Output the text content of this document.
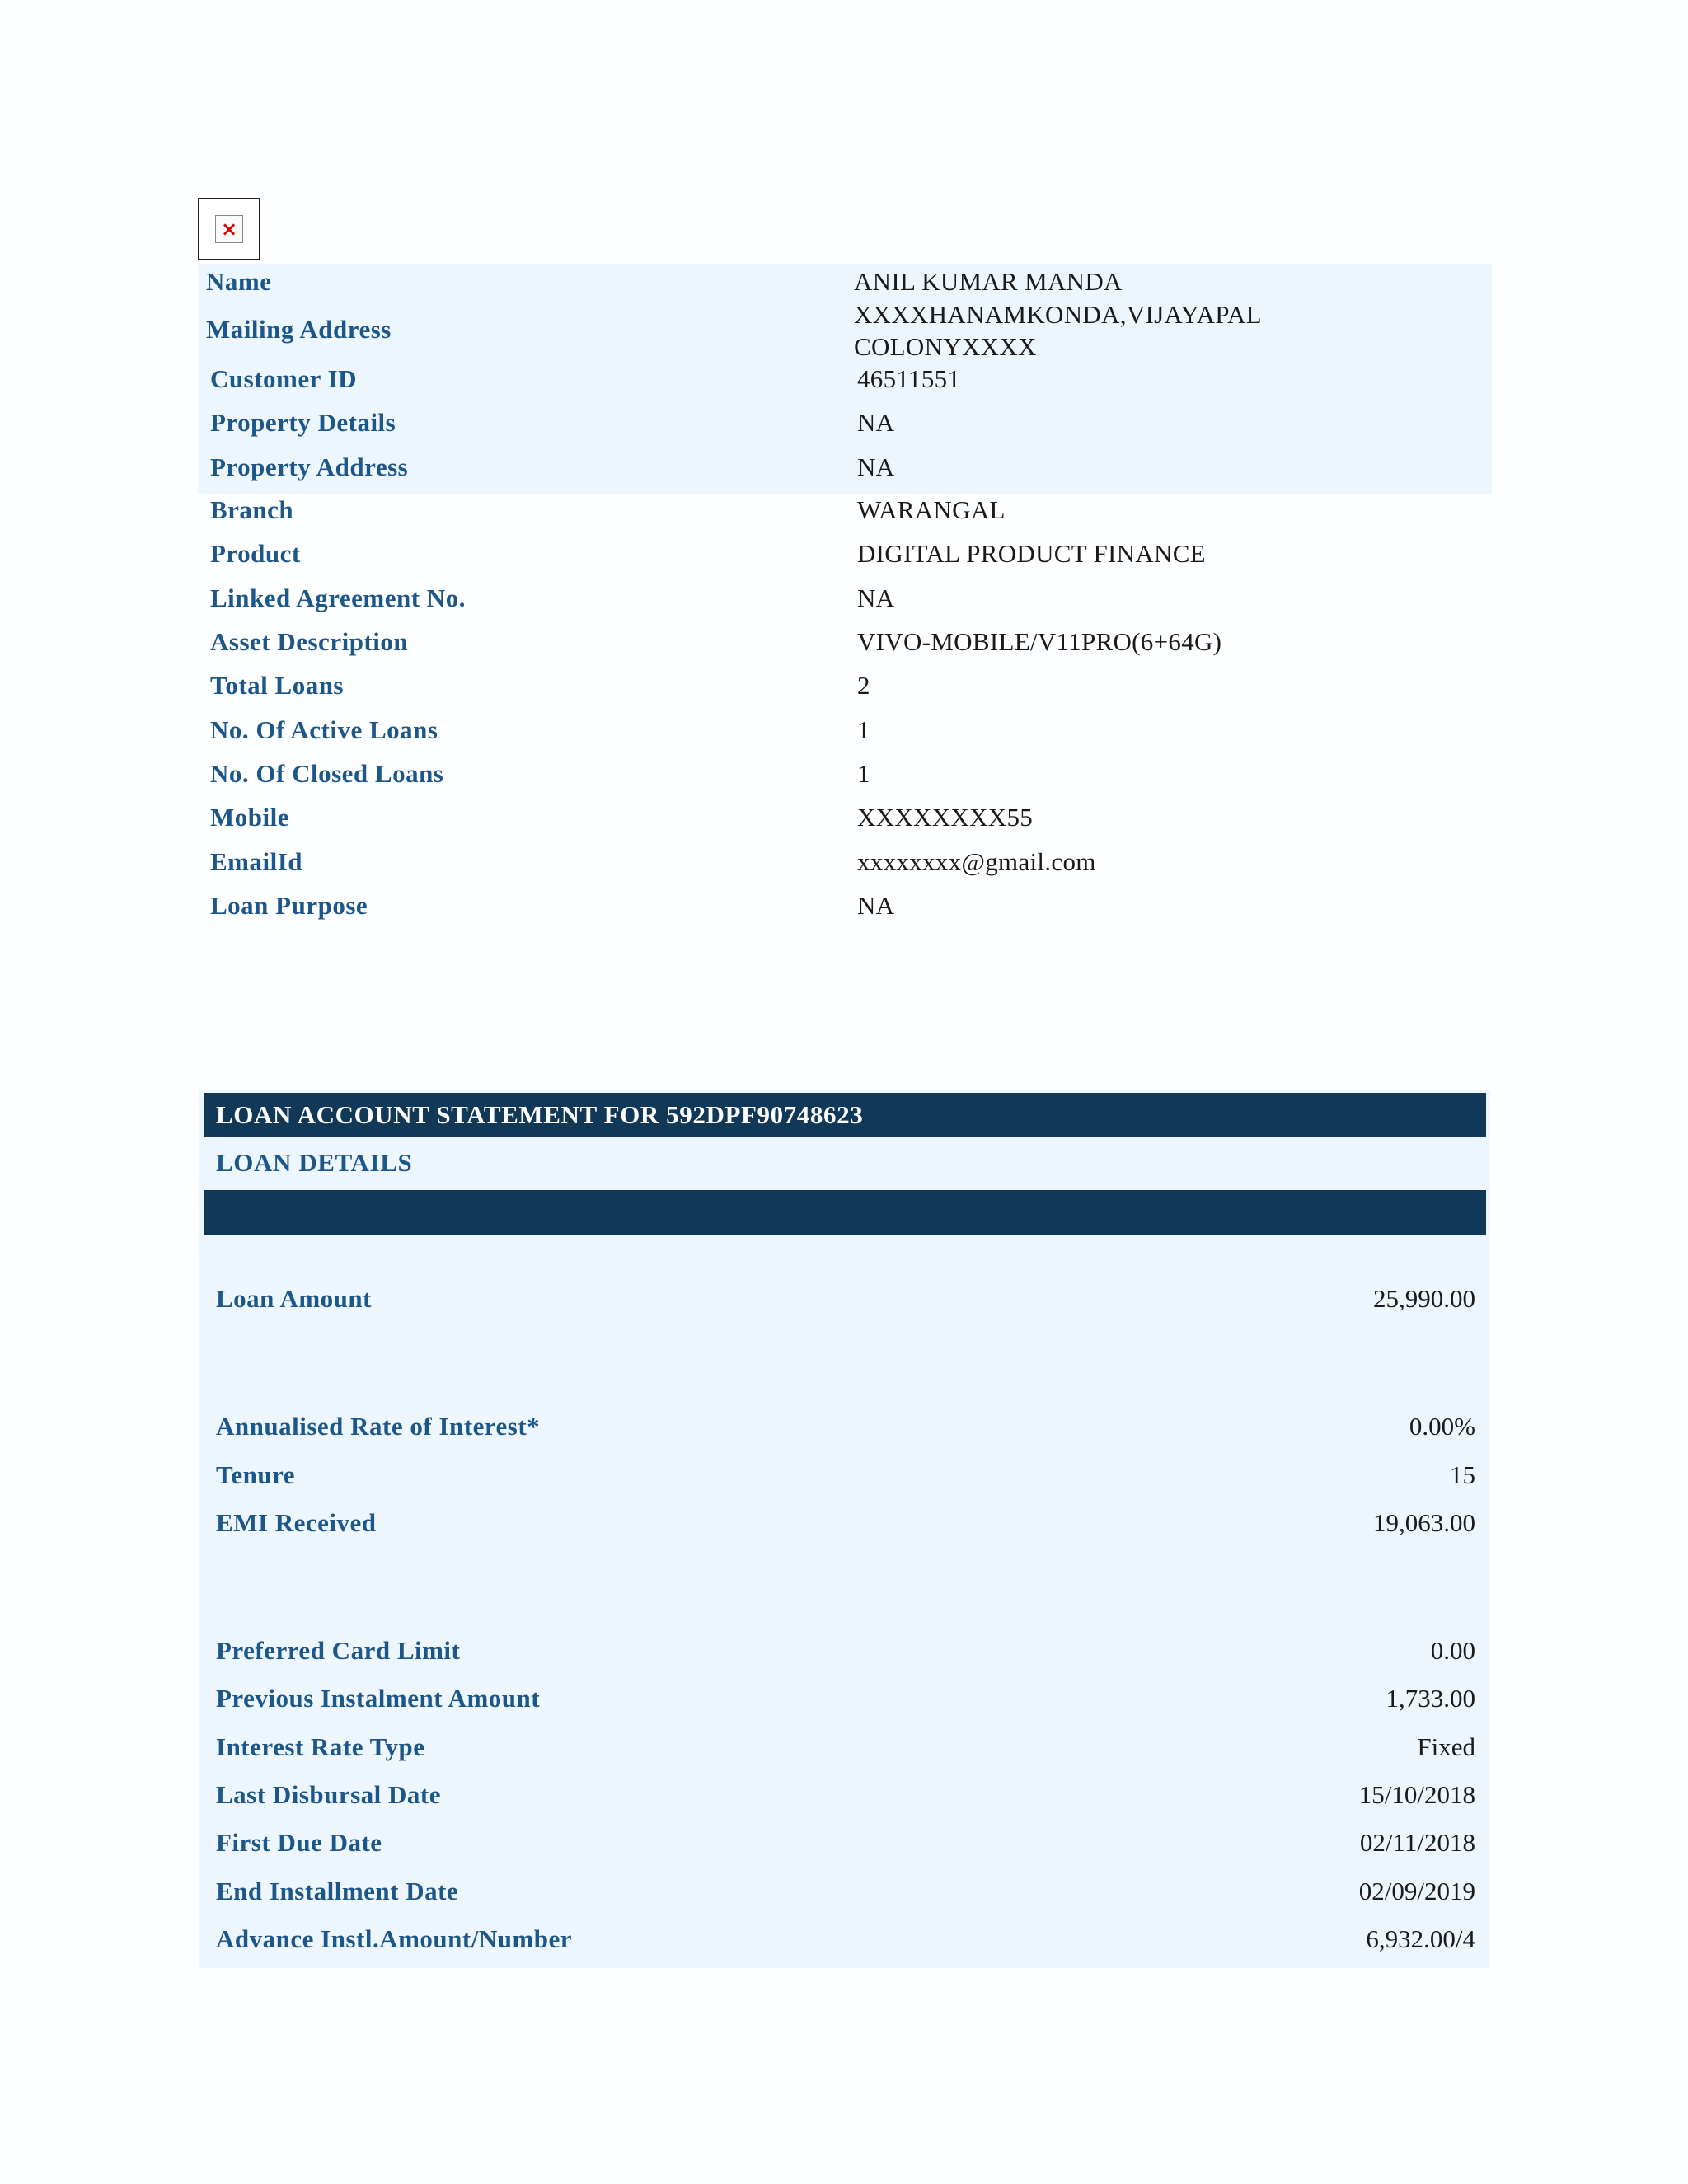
×
Name	ANIL KUMAR MANDA
Mailing Address
XXXXHANAMKONDA,VIJAYAPAL
COLONYXXXX
Customer ID	46511551
Property Details	NA
Property Address	NA
Branch	WARANGAL
Product	DIGITAL PRODUCT FINANCE
Linked Agreement No.	NA
Asset Description	VIVO-MOBILE/V11PRO(6+64G)
Total Loans	2
No. Of Active Loans	1
No. Of Closed Loans	1
Mobile	XXXXXXXX55
EmailId	xxxxxxxx@gmail.com
Loan Purpose	NA
LOAN ACCOUNT STATEMENT FOR 592DPF90748623
LOAN DETAILS
Loan Amount	25,990.00
Annualised Rate of Interest*	0.00%
Tenure	15
EMI Received	19,063.00
Preferred Card Limit	0.00
Previous Instalment Amount	1,733.00
Interest Rate Type	Fixed
Last Disbursal Date	15/10/2018
First Due Date	02/11/2018
End Installment Date	02/09/2019
Advance Instl.Amount/Number	6,932.00/4
